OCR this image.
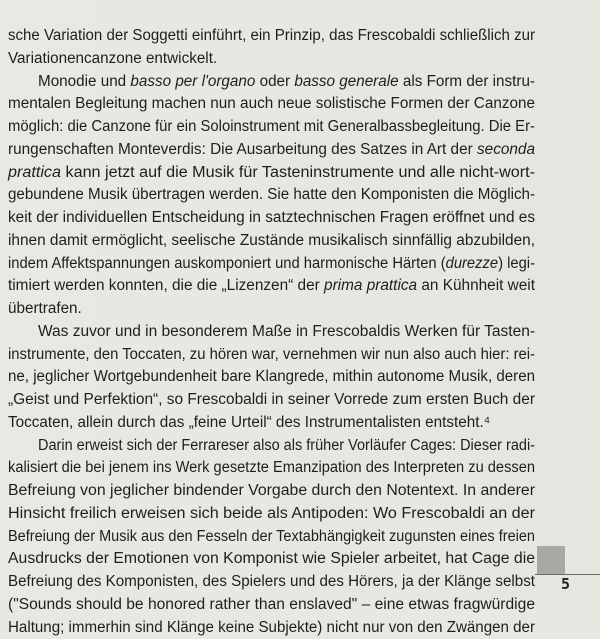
sche Variation der Soggetti einführt, ein Prinzip, das Frescobaldi schließlich zur
Variationencanzone entwickelt.
Monodie und basso per l'organo oder basso generale als Form der instru-
mentalen Begleitung machen nun auch neue solistische Formen der Canzone
möglich: die Canzone für ein Soloinstrument mit Generalbassbegleitung. Die Er-
rungenschaften Monteverdis: Die Ausarbeitung des Satzes in Art der seconda
prattica kann jetzt auf die Musik für Tasteninstrumente und alle nicht-wort-
gebundene Musik übertragen werden. Sie hatte den Komponisten die Möglich-
keit der individuellen Entscheidung in satztechnischen Fragen eröffnet und es
ihnen damit ermöglicht, seelische Zustände musikalisch sinnfällig abzubilden,
indem Affektspannungen auskomponiert und harmonische Härten (durezze) legi-
timiert werden konnten, die die „Lizenzen“ der prima prattica an Kühnheit weit
übertrafen.
Was zuvor und in besonderem Maße in Frescobaldis Werken für Tasten-
instrumente, den Toccaten, zu hören war, vernehmen wir nun also auch hier: rei-
ne, jeglicher Wortgebundenheit bare Klangrede, mithin autonome Musik, deren
„Geist und Perfektion“, so Frescobaldi in seiner Vorrede zum ersten Buch der
Toccaten, allein durch das „feine Urteil“ des Instrumentalisten entsteht.⁴
Darin erweist sich der Ferrareser also als früher Vorläufer Cages: Dieser radi-
kalisiert die bei jenem ins Werk gesetzte Emanzipation des Interpreten zu dessen
Befreiung von jeglicher bindender Vorgabe durch den Notentext. In anderer
Hinsicht freilich erweisen sich beide als Antipoden: Wo Frescobaldi an der
Befreiung der Musik aus den Fesseln der Textabhängigkeit zugunsten eines freien
Ausdrucks der Emotionen von Komponist wie Spieler arbeitet, hat Cage die
Befreiung des Komponisten, des Spielers und des Hörers, ja der Klänge selbst
("Sounds should be honored rather than enslaved" – eine etwas fragwürdige
Haltung; immerhin sind Klänge keine Subjekte) nicht nur von den Zwängen der
5
